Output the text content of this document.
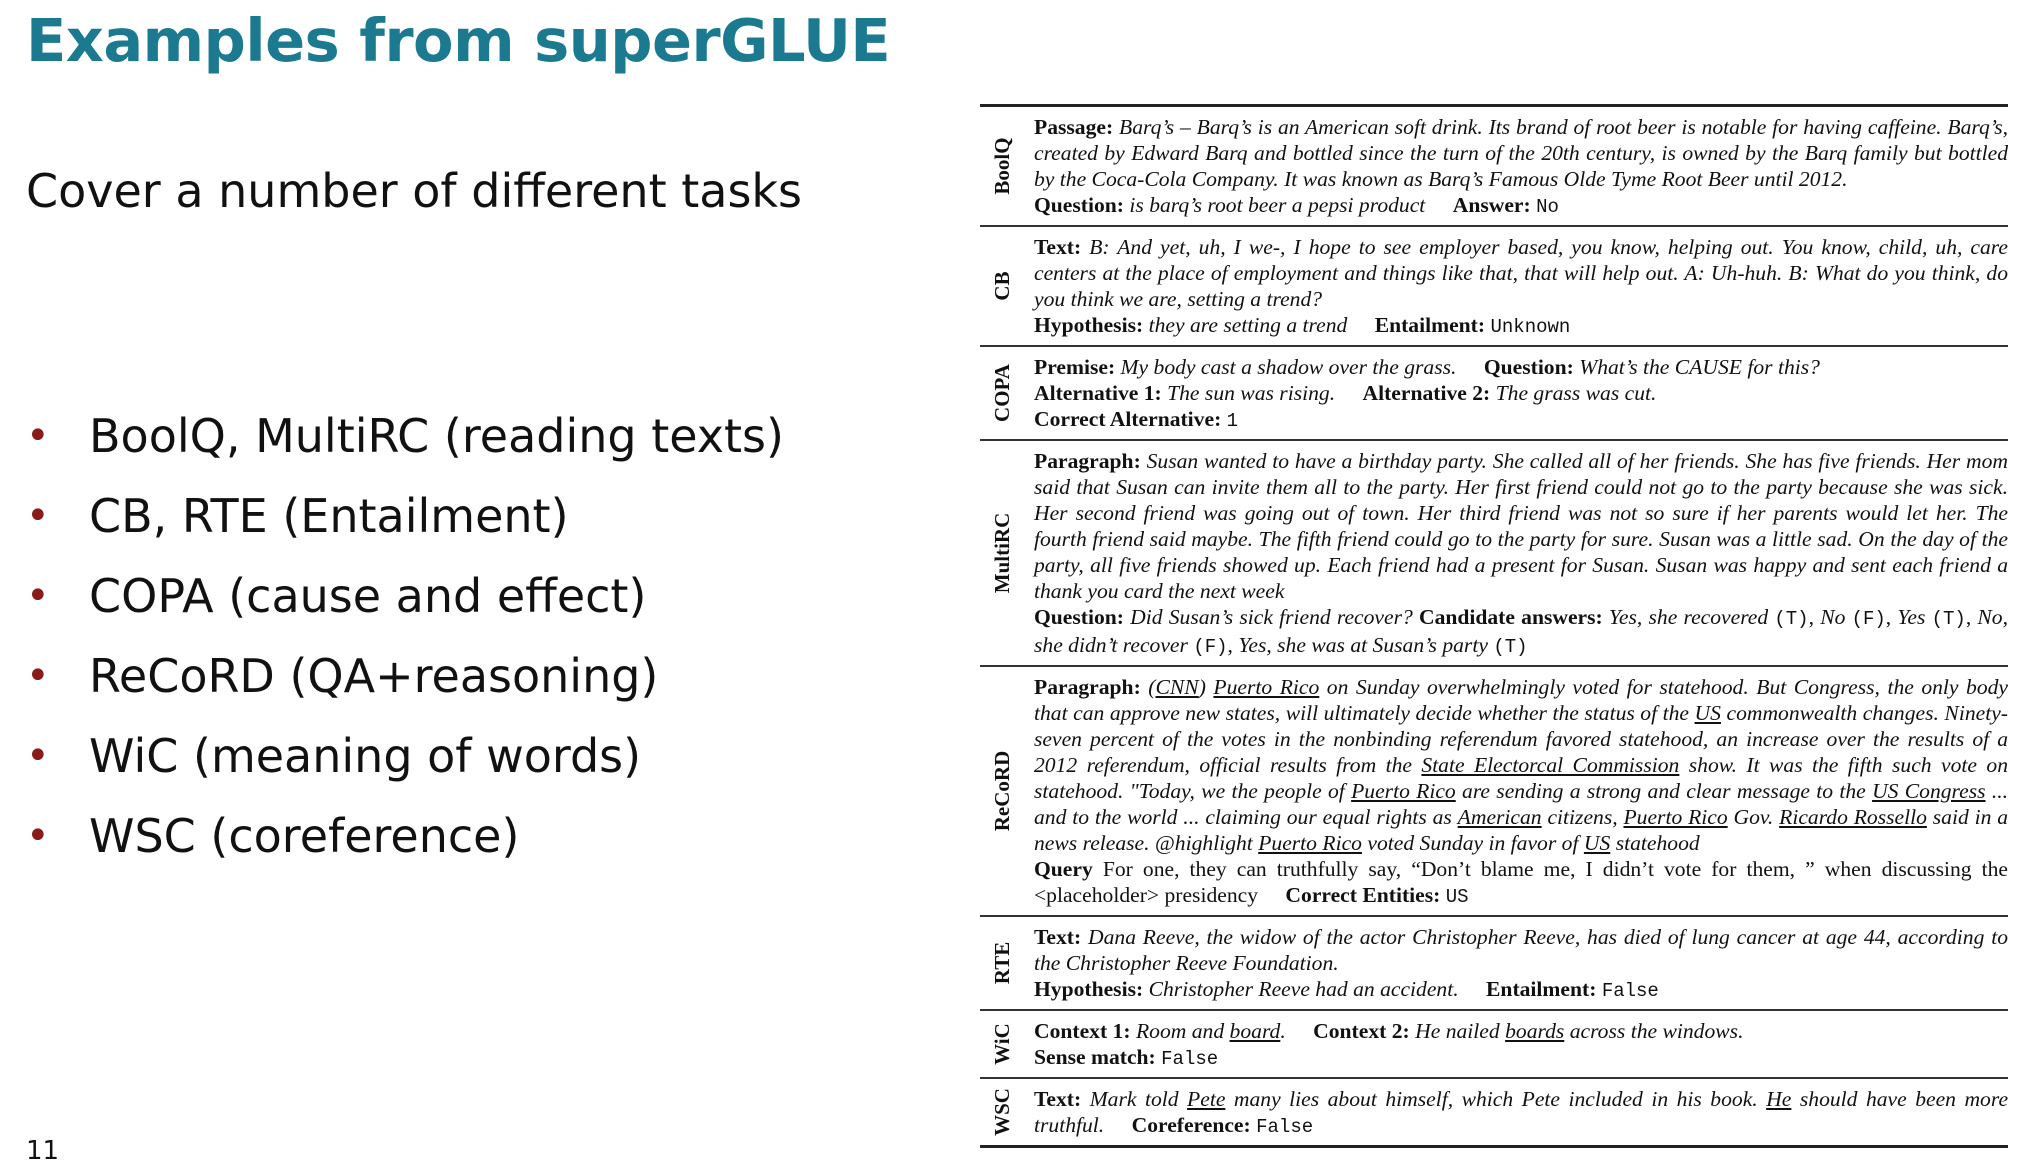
Examples from superGLUE
Cover a number of different tasks
• BoolQ, MultiRC (reading texts)
• CB, RTE (Entailment)
• COPA (cause and effect)
• ReCoRD (QA+reasoning)
• WiC (meaning of words)
• WSC (coreference)
11
BoolQ
Passage: Barq’s – Barq’s is an American soft drink. Its brand of root beer is notable for having caffeine. Barq’s, created by Edward Barq and bottled since the turn of the 20th century, is owned by the Barq family but bottled by the Coca-Cola Company. It was known as Barq’s Famous Olde Tyme Root Beer until 2012.
Question: is barq’s root beer a pepsi product Answer: No
CB
Text: B: And yet, uh, I we-, I hope to see employer based, you know, helping out. You know, child, uh, care centers at the place of employment and things like that, that will help out. A: Uh-huh. B: What do you think, do you think we are, setting a trend?
Hypothesis: they are setting a trend Entailment: Unknown
COPA Premise: My body cast a shadow over the grass. Question: What’s the CAUSE for this?
Alternative 1: The sun was rising. Alternative 2: The grass was cut.
Correct Alternative: 1
MultiRC
Paragraph: Susan wanted to have a birthday party. She called all of her friends. She has five friends. Her mom said that Susan can invite them all to the party. Her first friend could not go to the party because she was sick. Her second friend was going out of town. Her third friend was not so sure if her parents would let her. The fourth friend said maybe. The fifth friend could go to the party for sure. Susan was a little sad. On the day of the party, all five friends showed up. Each friend had a present for Susan. Susan was happy and sent each friend a thank you card the next week
Question: Did Susan’s sick friend recover? Candidate answers: Yes, she recovered (T), No (F), Yes (T), No, she didn’t recover (F), Yes, she was at Susan’s party (T)
ReCoRD
Paragraph: (CNN) Puerto Rico on Sunday overwhelmingly voted for statehood. But Congress, the only body that can approve new states, will ultimately decide whether the status of the US commonwealth changes. Ninety-seven percent of the votes in the nonbinding referendum favored statehood, an increase over the results of a 2012 referendum, official results from the State Electorcal Commission show. It was the fifth such vote on statehood. "Today, we the people of Puerto Rico are sending a strong and clear message to the US Congress ... and to the world ... claiming our equal rights as American citizens, Puerto Rico Gov. Ricardo Rossello said in a news release. @highlight Puerto Rico voted Sunday in favor of US statehood
Query For one, they can truthfully say, “Don’t blame me, I didn’t vote for them, ” when discussing the <placeholder> presidency Correct Entities: US
RTE
Text: Dana Reeve, the widow of the actor Christopher Reeve, has died of lung cancer at age 44, according to the Christopher Reeve Foundation.
Hypothesis: Christopher Reeve had an accident. Entailment: False
WiC Context 1: Room and board. Context 2: He nailed boards across the windows.
Sense match: False
WSC Text: Mark told Pete many lies about himself, which Pete included in his book. He should have been more truthful. Coreference: False
